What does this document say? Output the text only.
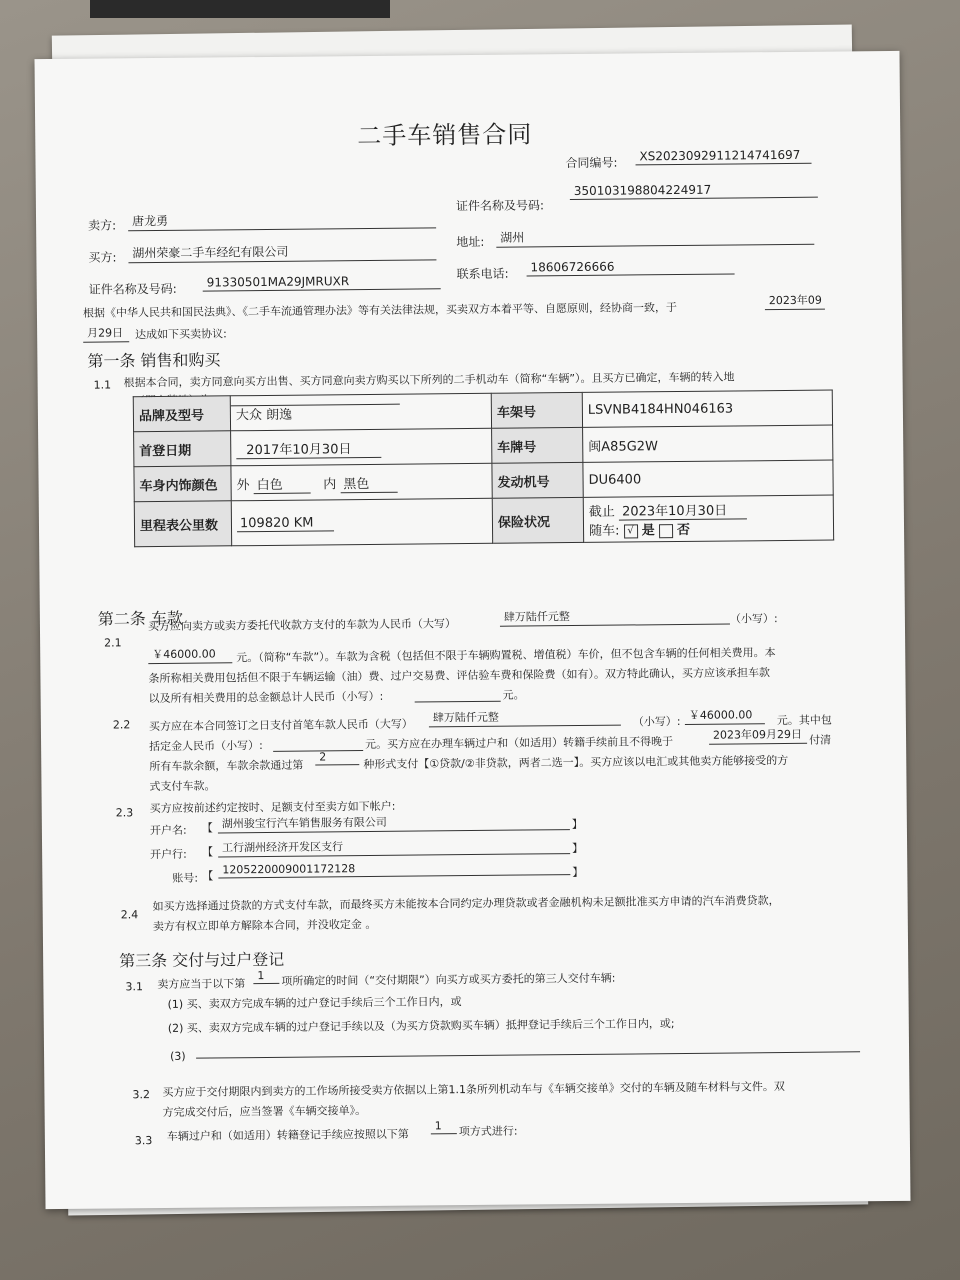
二手车销售合同
合同编号:	XS20230929112147416​97
卖方:	唐龙勇
证件名称及号码:
350103198804224917
买方:	湖州荣豪二手车经纪有限公司
地址:	湖州
证件名称及号码:	91330501MA29JMRUXR
联系电话:	18606726666
根据《中华人民共和国民法典》、《二手车流通管理办法》等有关法律法规，买卖双方本着平等、自愿原则，经协商一致，于
2023年09
月29日	达成如下买卖协议:
第一条 销售和购买
1.1 根据本合同，卖方同意向买方出售、买方同意向卖方购买以下所列的二手机动车（简称“车辆”）。且买方已确定，车辆的转入地
品牌及型号	大众 朗逸	车架号	LSVNB4184HN046163
首登日期	2017年10月30日	车牌号	闽A85G2W
车身内饰颜色	外 白色 内 黑色	发动机号	DU6400
里程表公里数	109820 KM	保险状况	截止 2023年10月30日
随车: √ 是 否
第二条 车款
2.1
买方应向卖方或卖方委托代收款方支付的车款为人民币（大写）
肆万陆仟元整	（小写）:
￥46000.00	元。（简称“车款”）。车款为含税（包括但不限于车辆购置税、增值税）车价，但不包含车辆的任何相关费用。本
条所称相关费用包括但不限于车辆运输（油）费、过户交易费、评估验车费和保险费（如有）。双方特此确认，买方应该承担车款
以及所有相关费用的总金额总计人民币（小写）:	元。
2.2 买方应在本合同签订之日支付首笔车款人民币（大写）
肆万陆仟元整	（小写）: ￥46000.00	元。其中包
括定金人民币（小写）:	元。买方应在办理车辆过户和（如适用）转籍手续前且不得晚于
2023年09月29日 付清
所有车款余额，车款余款通过第
2	种形式支付【①贷款/②非贷款，两者二选一】。买方应该以电汇或其他卖方能够接受的方
式支付车款。
2.3 买方应按前述约定按时、足额支付至卖方如下帐户:
开户名: 【 湖州骏宝行汽车销售服务有限公司	】
开户行: 【 工行湖州经济开发区支行	】
账号: 【 1205220009001172128	】
2.4
如买方选择通过贷款的方式支付车款，而最终买方未能按本合同约定办理贷款或者金融机构未足额批准买方申请的汽车消费贷款，
卖方有权立即单方解除本合同，并没收定金 。
第三条 交付与过户登记
3.1 卖方应当于以下第
1	项所确定的时间（“交付期限”）向买方或买方委托的第三人交付车辆:
(1) 买、卖双方完成车辆的过户登记手续后三个工作日内，或
(2) 买、卖双方完成车辆的过户登记手续以及（为买方贷款购买车辆）抵押登记手续后三个工作日内，或;
(3)
3.2 买方应于交付期限内到卖方的工作场所接受卖方依据以上第1.1条所列机动车与《车辆交接单》交付的车辆及随车材料与文件。双
方完成交付后，应当签署《车辆交接单》。
3.3 车辆过户和（如适用）转籍登记手续应按照以下第
1	项方式进行:
